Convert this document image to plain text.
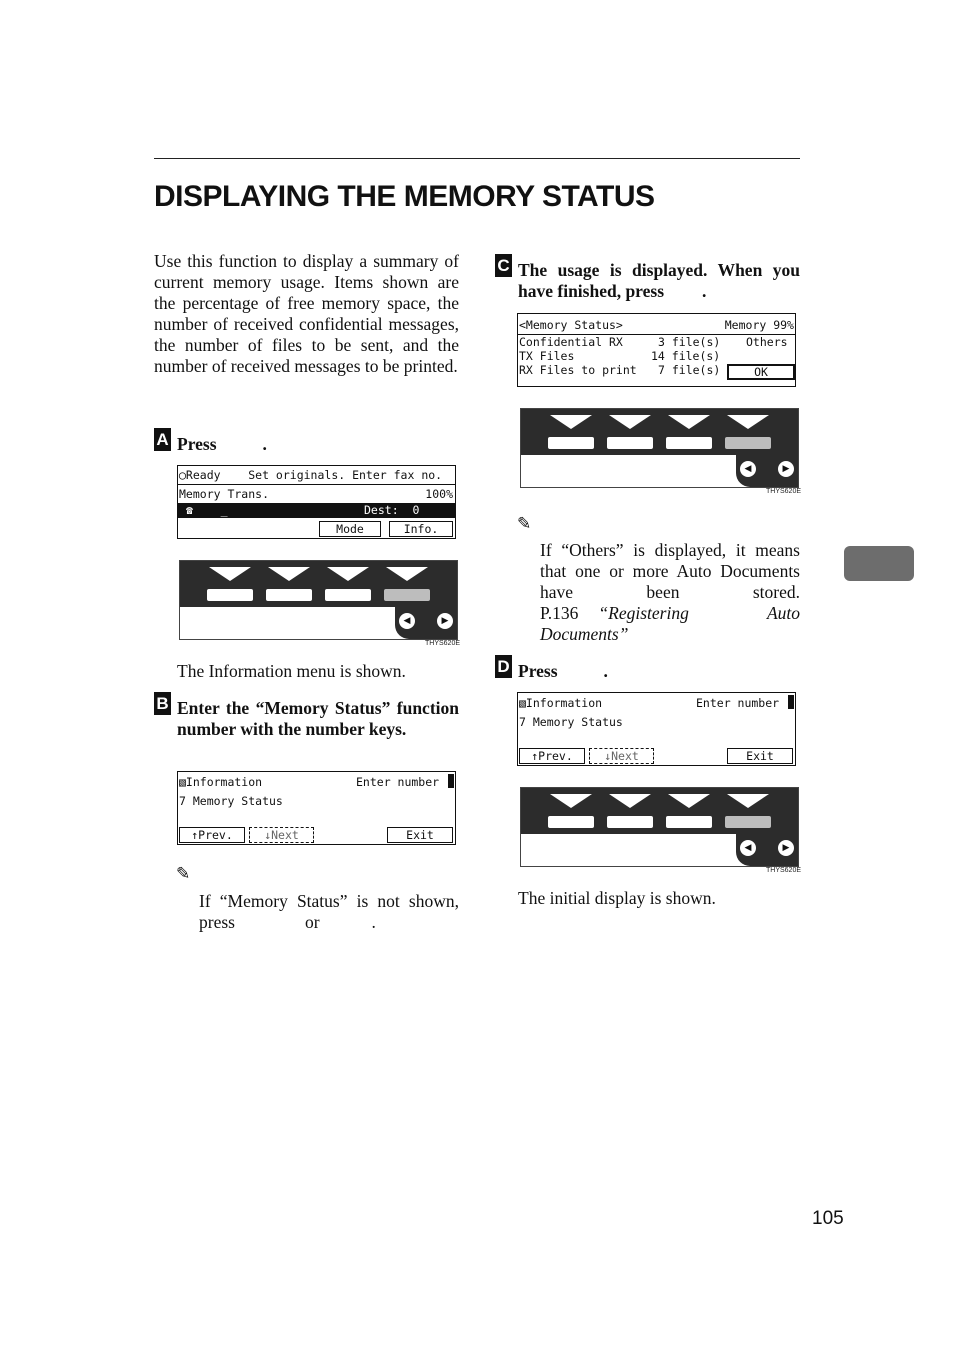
DISPLAYING THE MEMORY STATUS
Use this function to display a summary of current memory usage. Items shown are the percentage of free memory space, the number of received confidential messages, the number of files to be sent, and the number of received messages to be printed.
A Press	.
◯Ready    Set originals. Enter fax no.
Memory Trans.	100%
☎    _	Dest:  0
Mode	Info.
◀	▶
THYS620E
The Information menu is shown.
B Enter the “Memory Status” function number with the number keys.
▧Information	Enter number
7 Memory Status
↑Prev.	↓Next	Exit
✎
If “Memory Status” is not shown, press	or	.
C The usage is displayed. When you have finished, press .
<Memory Status>	Memory 99%
Confidential RX	3 file(s) Others
TX Files	14 file(s)
RX Files to print 7 file(s)	OK
◀	▶
THYS620E
✎
If “Others” is displayed, it means that one or more Auto Documents have been stored. P.136 “Registering Auto Documents”
D Press	.
▧Information	Enter number
7 Memory Status
↑Prev.	↓Next	Exit
◀	▶
THYS620E
The initial display is shown.
105
